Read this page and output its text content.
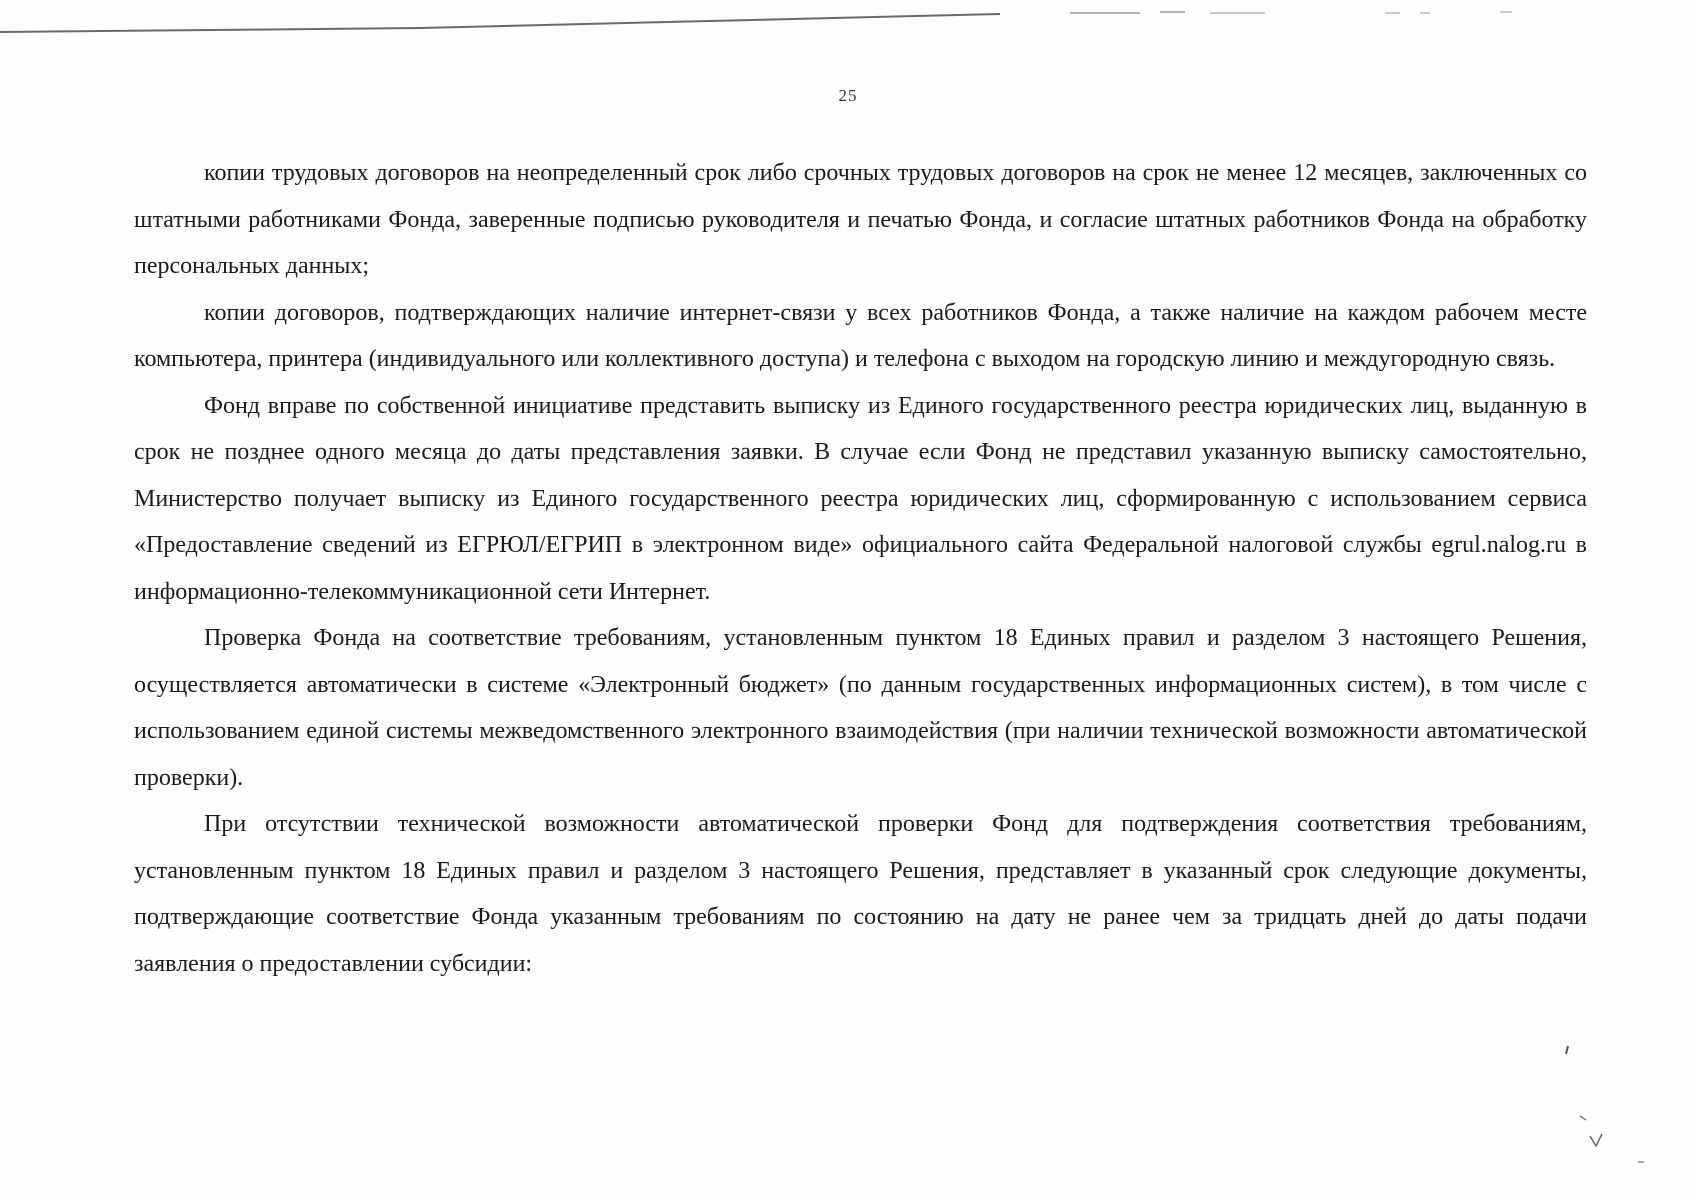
25

копии трудовых договоров на неопределенный срок либо срочных трудовых договоров на срок не менее 12 месяцев, заключенных со штатными работниками Фонда, заверенные подписью руководителя и печатью Фонда, и согласие штатных работников Фонда на обработку персональных данных;

копии договоров, подтверждающих наличие интернет-связи у всех работников Фонда, а также наличие на каждом рабочем месте компьютера, принтера (индивидуального или коллективного доступа) и телефона с выходом на городскую линию и междугородную связь.

Фонд вправе по собственной инициативе представить выписку из Единого государственного реестра юридических лиц, выданную в срок не позднее одного месяца до даты представления заявки. В случае если Фонд не представил указанную выписку самостоятельно, Министерство получает выписку из Единого государственного реестра юридических лиц, сформированную с использованием сервиса «Предоставление сведений из ЕГРЮЛ/ЕГРИП в электронном виде» официального сайта Федеральной налоговой службы egrul.nalog.ru в информационно-телекоммуникационной сети Интернет.

Проверка Фонда на соответствие требованиям, установленным пунктом 18 Единых правил и разделом 3 настоящего Решения, осуществляется автоматически в системе «Электронный бюджет» (по данным государственных информационных систем), в том числе с использованием единой системы межведомственного электронного взаимодействия (при наличии технической возможности автоматической проверки).

При отсутствии технической возможности автоматической проверки Фонд для подтверждения соответствия требованиям, установленным пунктом 18 Единых правил и разделом 3 настоящего Решения, представляет в указанный срок следующие документы, подтверждающие соответствие Фонда указанным требованиям по состоянию на дату не ранее чем за тридцать дней до даты подачи заявления о предоставлении субсидии:
